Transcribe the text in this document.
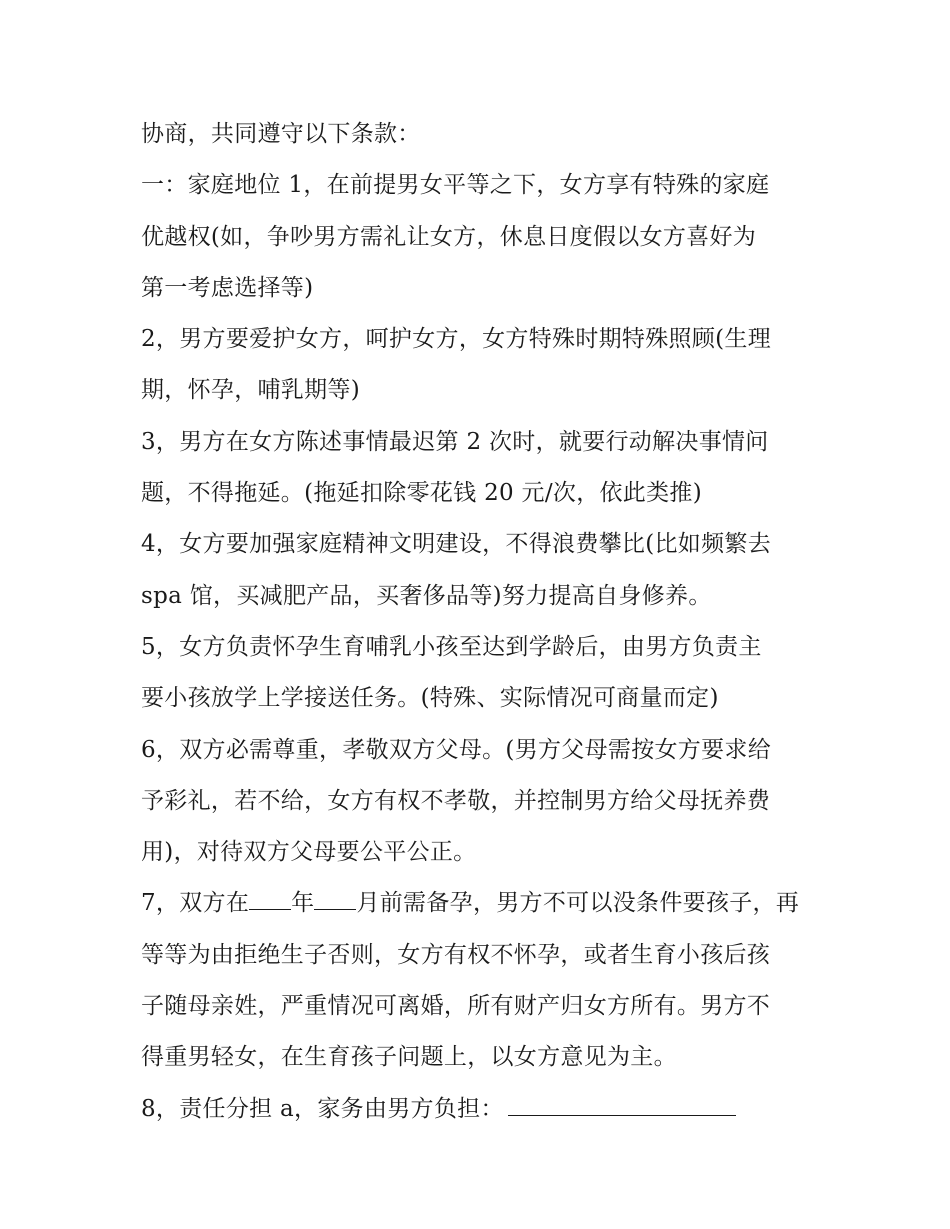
协商，共同遵守以下条款：
一：家庭地位 1，在前提男女平等之下，女方享有特殊的家庭
优越权(如，争吵男方需礼让女方，休息日度假以女方喜好为
第一考虑选择等)
2，男方要爱护女方，呵护女方，女方特殊时期特殊照顾(生理
期，怀孕，哺乳期等)
3，男方在女方陈述事情最迟第 2 次时，就要行动解决事情问
题，不得拖延。(拖延扣除零花钱 20 元/次，依此类推)
4，女方要加强家庭精神文明建设，不得浪费攀比(比如频繁去
spa 馆，买减肥产品，买奢侈品等)努力提高自身修养。
5，女方负责怀孕生育哺乳小孩至达到学龄后，由男方负责主
要小孩放学上学接送任务。(特殊、实际情况可商量而定)
6，双方必需尊重，孝敬双方父母。(男方父母需按女方要求给
予彩礼，若不给，女方有权不孝敬，并控制男方给父母抚养费
用)，对待双方父母要公平公正。
7，双方在 年 月前需备孕，男方不可以没条件要孩子，再
等等为由拒绝生子否则，女方有权不怀孕，或者生育小孩后孩
子随母亲姓，严重情况可离婚，所有财产归女方所有。男方不
得重男轻女，在生育孩子问题上，以女方意见为主。
8，责任分担 a，家务由男方负担：
